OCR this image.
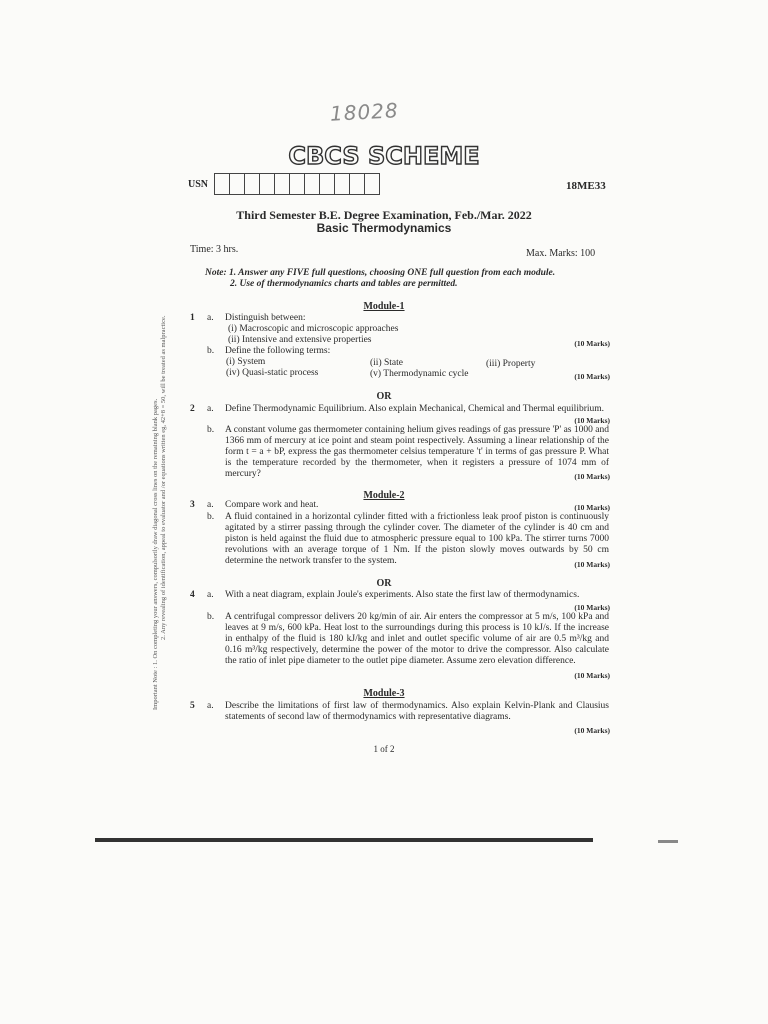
18028
CBCS SCHEME
USN	18ME33
Third Semester B.E. Degree Examination, Feb./Mar. 2022
Basic Thermodynamics
Time: 3 hrs.	Max. Marks: 100
Note: 1. Answer any FIVE full questions, choosing ONE full question from each module.
2. Use of thermodynamics charts and tables are permitted.
Module-1
1 a. Distinguish between:
(i) Macroscopic and microscopic approaches
(ii) Intensive and extensive properties	(10 Marks)
b. Define the following terms:
(i) System	(ii) State	(iii) Property
(iv) Quasi-static process	(v) Thermodynamic cycle	(10 Marks)
OR
2 a. Define Thermodynamic Equilibrium. Also explain Mechanical, Chemical and Thermal equilibrium.
(10 Marks)
b. A constant volume gas thermometer containing helium gives readings of gas pressure 'P' as 1000 and 1366 mm of mercury at ice point and steam point respectively. Assuming a linear relationship of the form t = a + bP, express the gas thermometer celsius temperature 't' in terms of gas pressure P. What is the temperature recorded by the thermometer, when it registers a pressure of 1074 mm of mercury?	(10 Marks)
Module-2
3 a. Compare work and heat.	(10 Marks)
b. A fluid contained in a horizontal cylinder fitted with a frictionless leak proof piston is continuously agitated by a stirrer passing through the cylinder cover. The diameter of the cylinder is 40 cm and piston is held against the fluid due to atmospheric pressure equal to 100 kPa. The stirrer turns 7000 revolutions with an average torque of 1 Nm. If the piston slowly moves outwards by 50 cm determine the network transfer to the system.	(10 Marks)
OR
4 a. With a neat diagram, explain Joule's experiments. Also state the first law of thermodynamics.
(10 Marks)
b. A centrifugal compressor delivers 20 kg/min of air. Air enters the compressor at 5 m/s, 100 kPa and leaves at 9 m/s, 600 kPa. Heat lost to the surroundings during this process is 10 kJ/s. If the increase in enthalpy of the fluid is 180 kJ/kg and inlet and outlet specific volume of air are 0.5 m³/kg and 0.16 m³/kg respectively, determine the power of the motor to drive the compressor. Also calculate the ratio of inlet pipe diameter to the outlet pipe diameter. Assume zero elevation difference.
(10 Marks)
Module-3
5 a. Describe the limitations of first law of thermodynamics. Also explain Kelvin-Plank and Clausius statements of second law of thermodynamics with representative diagrams.
(10 Marks)
1 of 2
Important Note : 1. On completing your answers, compulsorily draw diagonal cross lines on the remaining blank pages. 2. Any revealing of identification, appeal to evaluator and /or equations written eg, 42+8 = 50, will be treated as malpractice.
